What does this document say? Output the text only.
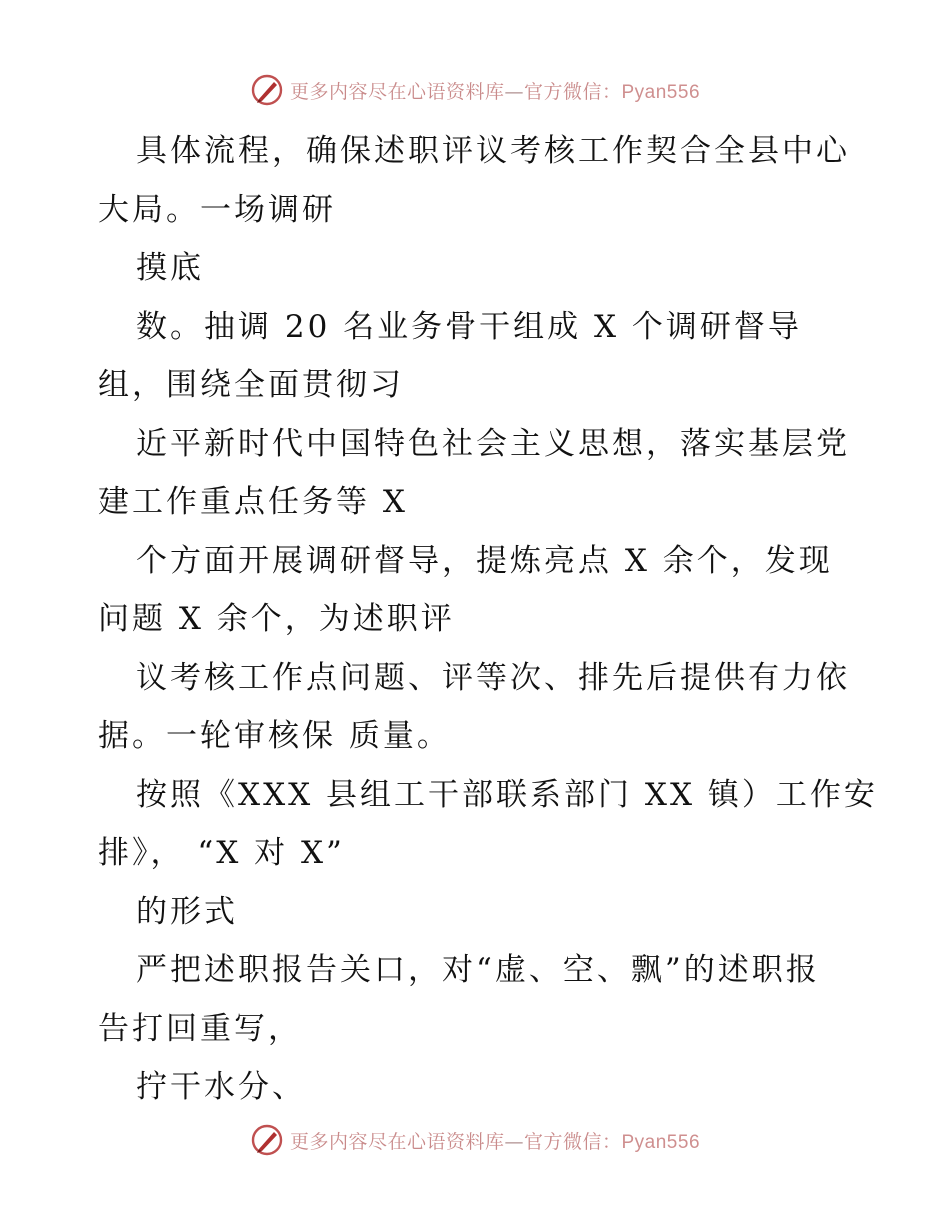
更多内容尽在心语资料库—官方微信：Pyan556
具体流程，确保述职评议考核工作契合全县中心
大局。一场调研
摸底
数。抽调 20 名业务骨干组成 X 个调研督导
组，围绕全面贯彻习
近平新时代中国特色社会主义思想，落实基层党
建工作重点任务等 X
个方面开展调研督导，提炼亮点 X 余个，发现
问题 X 余个，为述职评
议考核工作点问题、评等次、排先后提供有力依
据。一轮审核保 质量。
按照《XXX 县组工干部联系部门 XX 镇）工作安
排》， “X 对 X”
的形式
严把述职报告关口，对“虚、空、飘”的述职报
告打回重写，
拧干水分、
更多内容尽在心语资料库—官方微信：Pyan556
